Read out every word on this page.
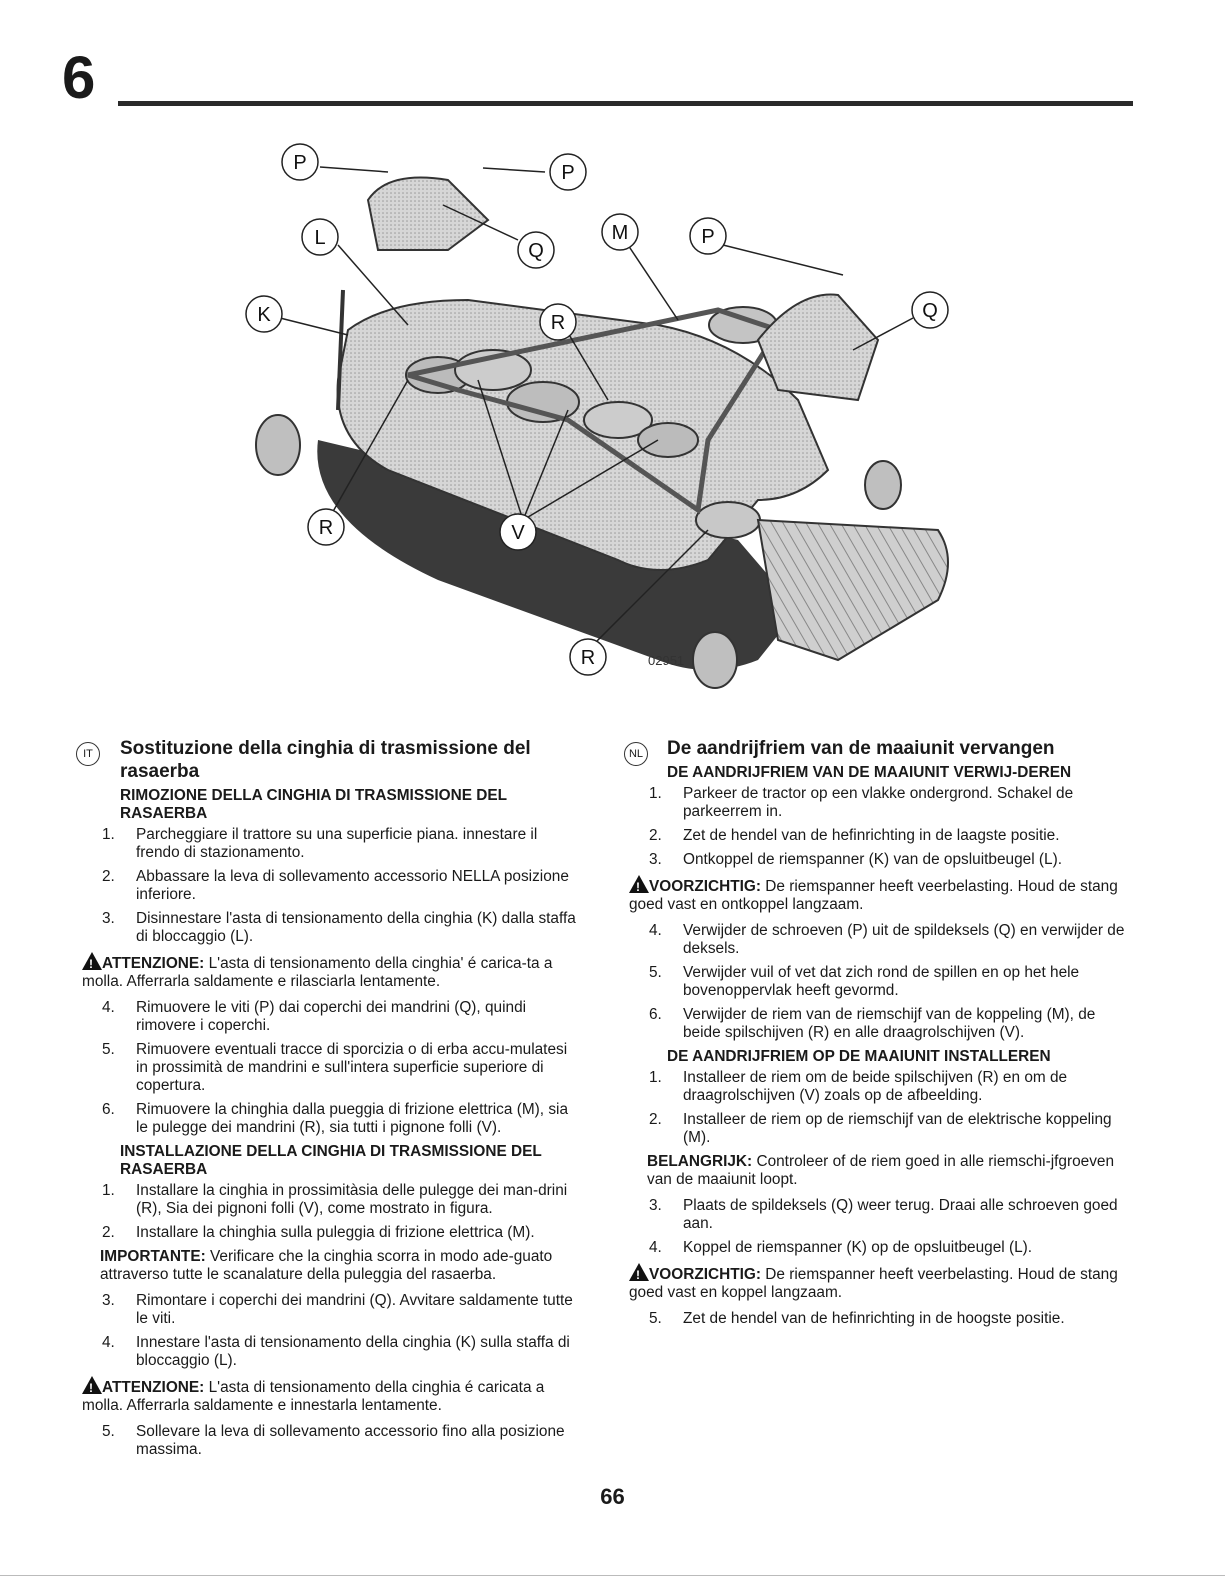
6
P	P
L
Q
M	P
Q
K	R
R	V
R	02951
IT	Sostituzione della cinghia di trasmissione del rasaerba
RIMOZIONE DELLA CINGHIA DI TRASMISSIONE DEL RASAERBA
1. Parcheggiare il trattore su una superficie piana. innestare il frendo di stazionamento.
2. Abbassare la leva di sollevamento accessorio NELLA posizione inferiore.
3. Disinnestare l'asta di tensionamento della cinghia (K) dalla staffa di bloccaggio (L).
!ATTENZIONE: L'asta di tensionamento della cinghia' é carica-ta a molla. Afferrarla saldamente e rilasciarla lentamente.
4. Rimuovere le viti (P) dai coperchi dei mandrini (Q), quindi rimovere i coperchi.
5. Rimuovere eventuali tracce di sporcizia o di erba accu-mulatesi in prossimità de mandrini e sull'intera superficie superiore di copertura.
6. Rimuovere la chinghia dalla pueggia di frizione elettrica (M), sia le pulegge dei mandrini (R), sia tutti i pignone folli (V).
INSTALLAZIONE DELLA CINGHIA DI TRASMISSIONE DEL RASAERBA
1. Installare la cinghia in prossimitàsia delle pulegge dei man-drini (R), Sia dei pignoni folli (V), come mostrato in figura.
2. Installare la chinghia sulla puleggia di frizione elettrica (M).
IMPORTANTE: Verificare che la cinghia scorra in modo ade-guato attraverso tutte le scanalature della puleggia del rasaerba.
3. Rimontare i coperchi dei mandrini (Q). Avvitare saldamente tutte le viti.
4. Innestare l'asta di tensionamento della cinghia (K) sulla staffa di bloccaggio (L).
!ATTENZIONE: L'asta di tensionamento della cinghia é caricata a molla. Afferrarla saldamente e innestarla lentamente.
5. Sollevare la leva di sollevamento accessorio fino alla posizione massima.
NL De aandrijfriem van de maaiunit vervangen
DE AANDRIJFRIEM VAN DE MAAIUNIT VERWIJ-DEREN
1. Parkeer de tractor op een vlakke ondergrond. Schakel de parkeerrem in.
2. Zet de hendel van de hefinrichting in de laagste positie.
3. Ontkoppel de riemspanner (K) van de opsluitbeugel (L).
!VOORZICHTIG: De riemspanner heeft veerbelasting. Houd de stang goed vast en ontkoppel langzaam.
4. Verwijder de schroeven (P) uit de spildeksels (Q) en verwijder de deksels.
5. Verwijder vuil of vet dat zich rond de spillen en op het hele bovenoppervlak heeft gevormd.
6. Verwijder de riem van de riemschijf van de koppeling (M), de beide spilschijven (R) en alle draagrolschijven (V).
DE AANDRIJFRIEM OP DE MAAIUNIT INSTALLEREN
1. Installeer de riem om de beide spilschijven (R) en om de draagrolschijven (V) zoals op de afbeelding.
2. Installeer de riem op de riemschijf van de elektrische koppeling (M).
BELANGRIJK: Controleer of de riem goed in alle riemschi-jfgroeven van de maaiunit loopt.
3. Plaats de spildeksels (Q) weer terug. Draai alle schroeven goed aan.
4. Koppel de riemspanner (K) op de opsluitbeugel (L).
!VOORZICHTIG: De riemspanner heeft veerbelasting. Houd de stang goed vast en koppel langzaam.
5. Zet de hendel van de hefinrichting in de hoogste positie.
66
